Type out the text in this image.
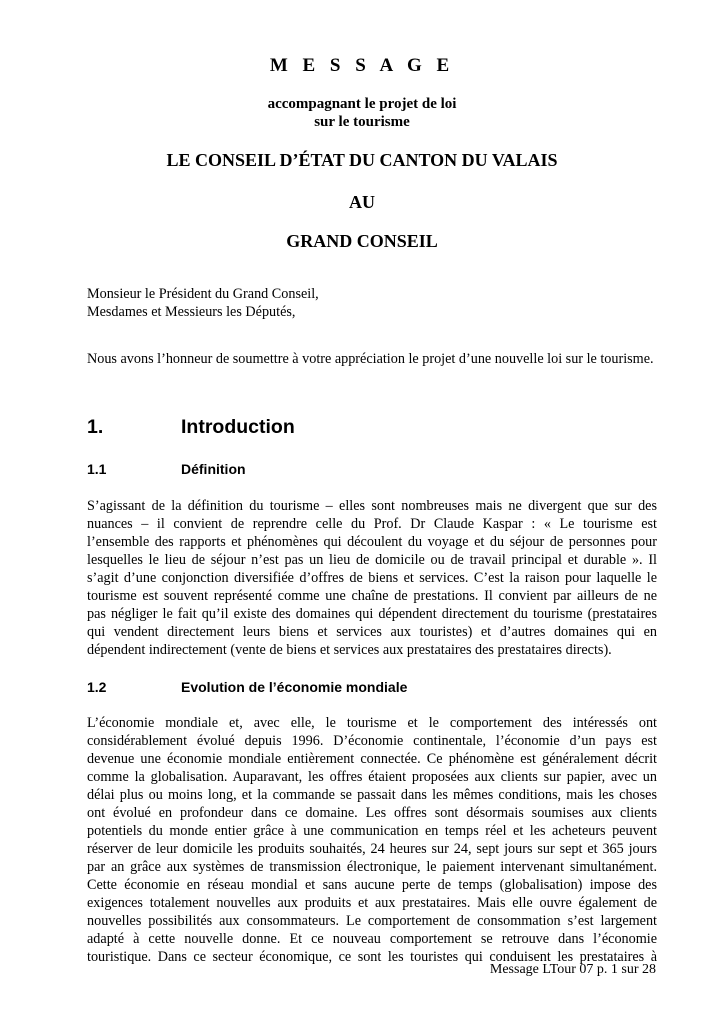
M E S S A G E
accompagnant le projet de loi
sur le tourisme
LE CONSEIL D’ÉTAT DU CANTON DU VALAIS
AU
GRAND CONSEIL
Monsieur le Président du Grand Conseil,
Mesdames et Messieurs les Députés,
Nous avons l’honneur de soumettre à votre appréciation le projet d’une nouvelle loi sur le tourisme.
1.	Introduction
1.1	Définition
S’agissant de la définition du tourisme – elles sont nombreuses mais ne divergent que sur des
nuances – il convient de reprendre celle du Prof. Dr Claude Kaspar : « Le tourisme est
l’ensemble des rapports et phénomènes qui découlent du voyage et du séjour de personnes pour
lesquelles le lieu de séjour n’est pas un lieu de domicile ou de travail principal et durable ». Il
s’agit d’une conjonction diversifiée d’offres de biens et services. C’est la raison pour laquelle le
tourisme est souvent représenté comme une chaîne de prestations. Il convient par ailleurs de ne
pas négliger le fait qu’il existe des domaines qui dépendent directement du tourisme (prestataires
qui vendent directement leurs biens et services aux touristes) et d’autres domaines qui en
dépendent indirectement (vente de biens et services aux prestataires des prestataires directs).
1.2	Evolution de l’économie mondiale
L’économie mondiale et, avec elle, le tourisme et le comportement des intéressés ont
considérablement évolué depuis 1996. D’économie continentale, l’économie d’un pays est
devenue une économie mondiale entièrement connectée. Ce phénomène est généralement décrit
comme la globalisation. Auparavant, les offres étaient proposées aux clients sur papier, avec un
délai plus ou moins long, et la commande se passait dans les mêmes conditions, mais les choses
ont évolué en profondeur dans ce domaine. Les offres sont désormais soumises aux clients
potentiels du monde entier grâce à une communication en temps réel et les acheteurs peuvent
réserver de leur domicile les produits souhaités, 24 heures sur 24, sept jours sur sept et 365 jours
par an grâce aux systèmes de transmission électronique, le paiement intervenant simultanément.
Cette économie en réseau mondial et sans aucune perte de temps (globalisation) impose des
exigences totalement nouvelles aux produits et aux prestataires. Mais elle ouvre également de
nouvelles possibilités aux consommateurs. Le comportement de consommation s’est largement
adapté à cette nouvelle donne. Et ce nouveau comportement se retrouve dans l’économie
touristique. Dans ce secteur économique, ce sont les touristes qui conduisent les prestataires à
Message LTour 07 p. 1 sur 28
